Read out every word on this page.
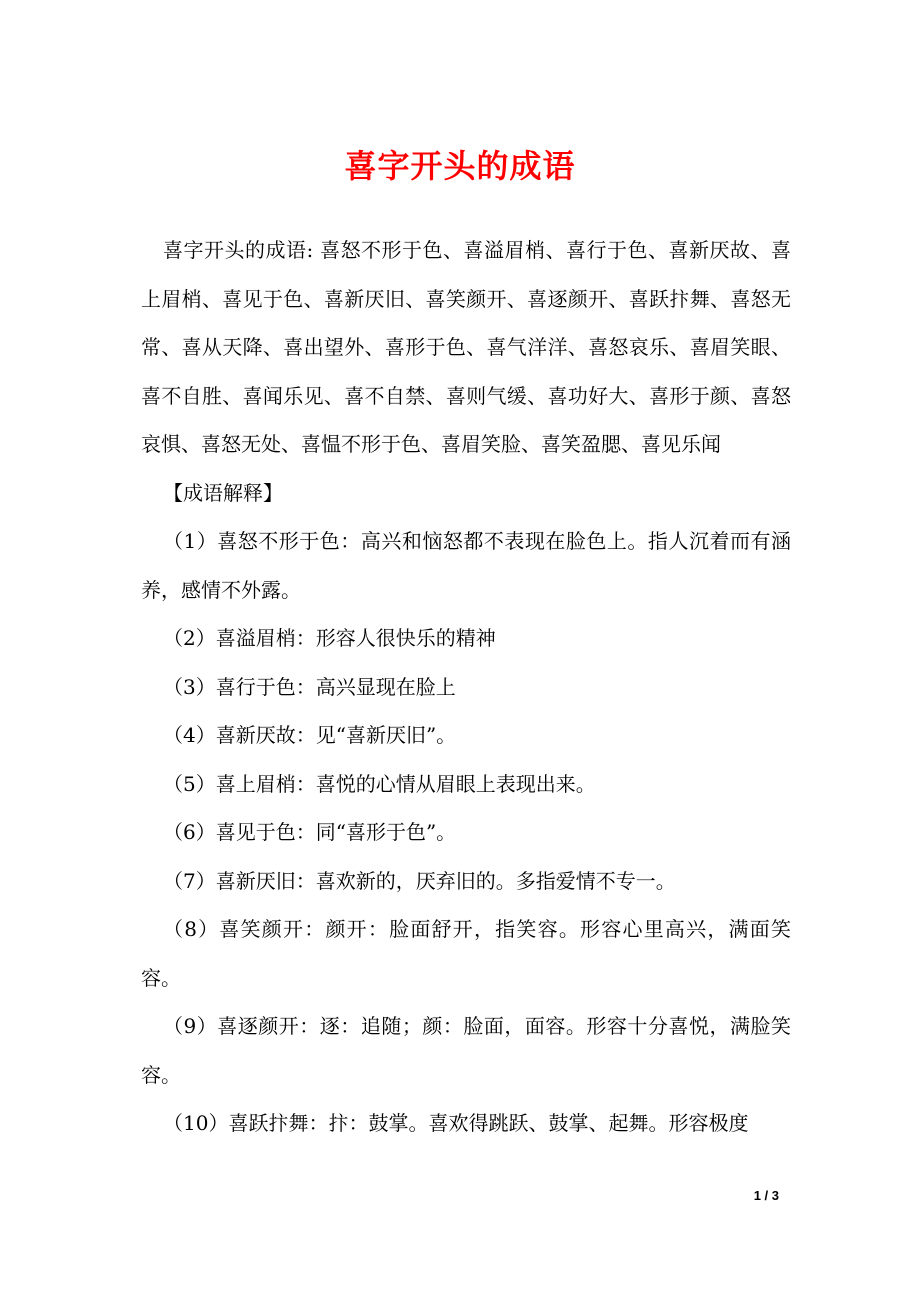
喜字开头的成语

喜字开头的成语: 喜怒不形于色、喜溢眉梢、喜行于色、喜新厌故、喜上眉梢、喜见于色、喜新厌旧、喜笑颜开、喜逐颜开、喜跃抃舞、喜怒无常、喜从天降、喜出望外、喜形于色、喜气洋洋、喜怒哀乐、喜眉笑眼、喜不自胜、喜闻乐见、喜不自禁、喜则气缓、喜功好大、喜形于颜、喜怒哀惧、喜怒无处、喜愠不形于色、喜眉笑脸、喜笑盈腮、喜见乐闻

【成语解释】

（1）喜怒不形于色：高兴和恼怒都不表现在脸色上。指人沉着而有涵养，感情不外露。

（2）喜溢眉梢：形容人很快乐的精神

（3）喜行于色：高兴显现在脸上

（4）喜新厌故：见“喜新厌旧”。

（5）喜上眉梢：喜悦的心情从眉眼上表现出来。

（6）喜见于色：同“喜形于色”。

（7）喜新厌旧：喜欢新的，厌弃旧的。多指爱情不专一。

（8）喜笑颜开：颜开：脸面舒开，指笑容。形容心里高兴，满面笑容。

（9）喜逐颜开：逐：追随；颜：脸面，面容。形容十分喜悦，满脸笑容。

（10）喜跃抃舞：抃：鼓掌。喜欢得跳跃、鼓掌、起舞。形容极度

1 / 3
